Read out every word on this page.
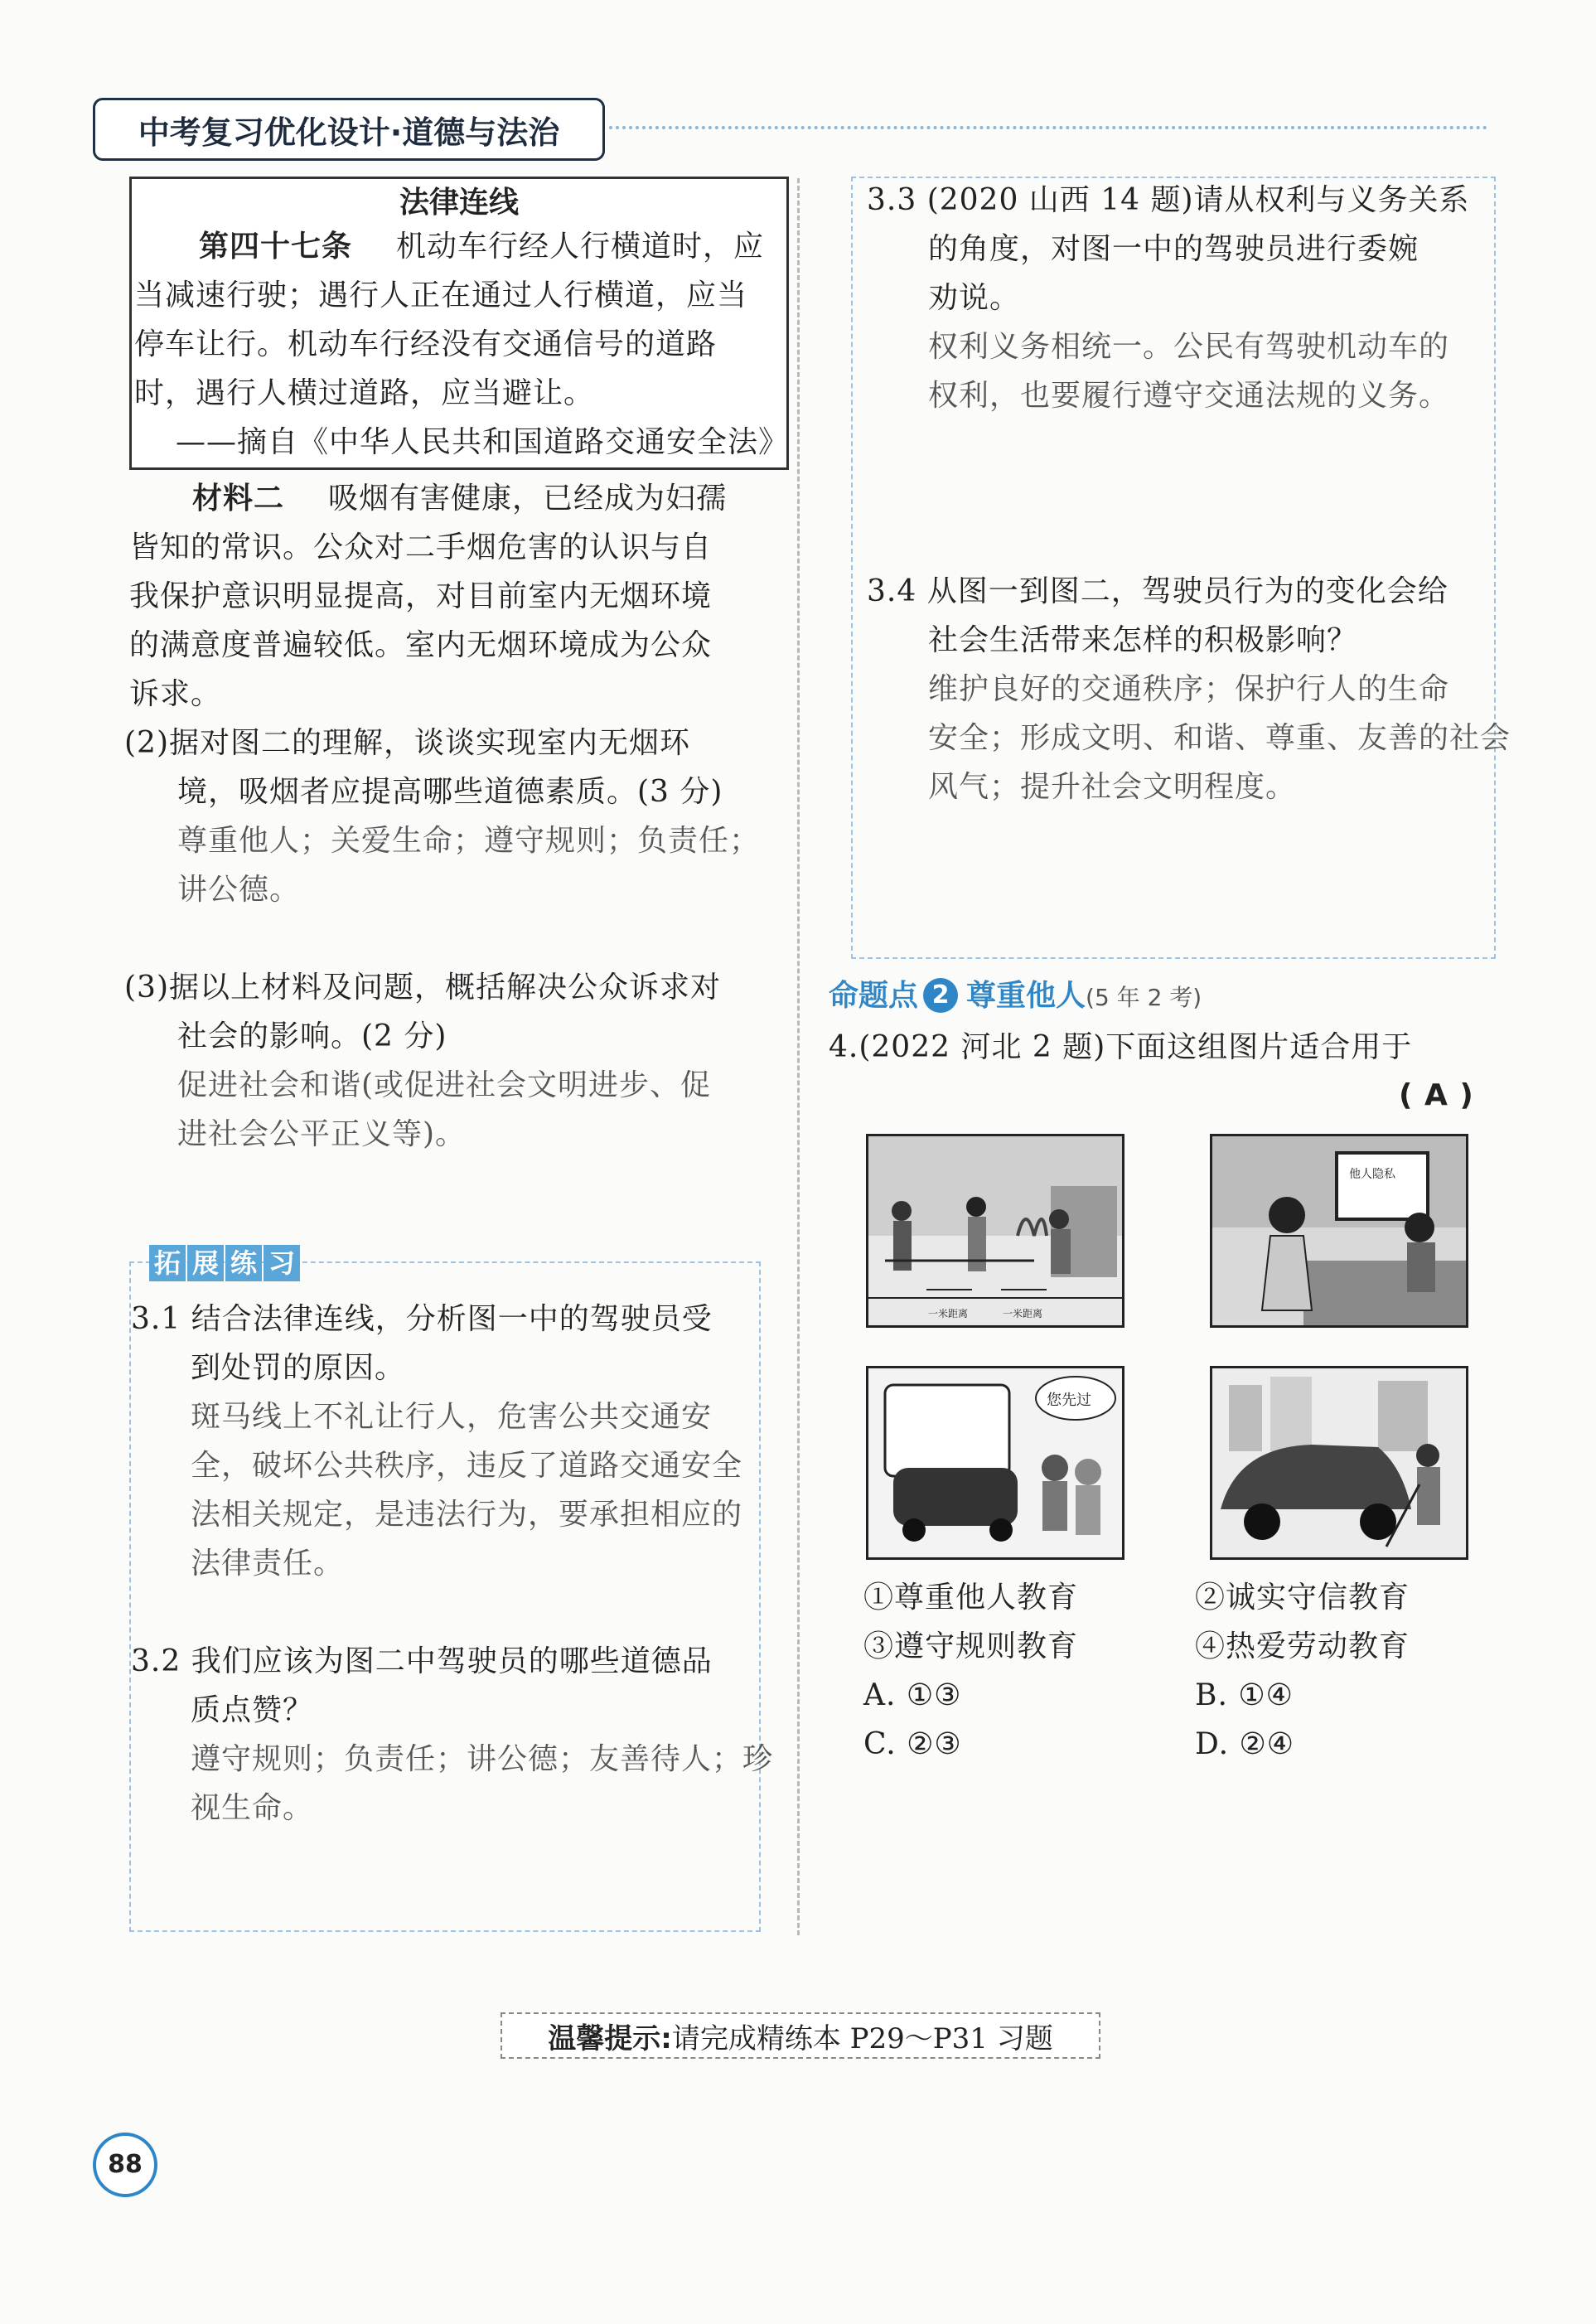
中考复习优化设计·道德与法治
法律连线
第四十七条 机动车行经人行横道时，应
当减速行驶；遇行人正在通过人行横道，应当
停车让行。机动车行经没有交通信号的道路
时，遇行人横过道路，应当避让。
——摘自《中华人民共和国道路交通安全法》
材料二 吸烟有害健康，已经成为妇孺
皆知的常识。公众对二手烟危害的认识与自
我保护意识明显提高，对目前室内无烟环境
的满意度普遍较低。室内无烟环境成为公众
诉求。
(2)据对图二的理解，谈谈实现室内无烟环
境，吸烟者应提高哪些道德素质。(3 分)
尊重他人；关爱生命；遵守规则；负责任；
讲公德。
(3)据以上材料及问题，概括解决公众诉求对
社会的影响。(2 分)
促进社会和谐(或促进社会文明进步、促
进社会公平正义等)。
拓 展 练 习
3.1 结合法律连线，分析图一中的驾驶员受
到处罚的原因。
斑马线上不礼让行人，危害公共交通安
全，破坏公共秩序，违反了道路交通安全
法相关规定，是违法行为，要承担相应的
法律责任。
3.2 我们应该为图二中驾驶员的哪些道德品
质点赞？
遵守规则；负责任；讲公德；友善待人；珍
视生命。
3.3 (2020 山西 14 题)请从权利与义务关系
的角度，对图一中的驾驶员进行委婉
劝说。
权利义务相统一。公民有驾驶机动车的
权利，也要履行遵守交通法规的义务。
3.4 从图一到图二，驾驶员行为的变化会给
社会生活带来怎样的积极影响？
维护良好的交通秩序；保护行人的生命
安全；形成文明、和谐、尊重、友善的社会
风气；提升社会文明程度。
命题点 2 尊重他人(5 年 2 考)
4.(2022 河北 2 题)下面这组图片适合用于
( A )
一米距离	一米距离
他人隐私
您先过
①尊重他人教育	②诚实守信教育
③遵守规则教育	④热爱劳动教育
A. ①③	B. ①④
C. ②③	D. ②④
温馨提示: 请完成精练本 P29～P31 习题
88
